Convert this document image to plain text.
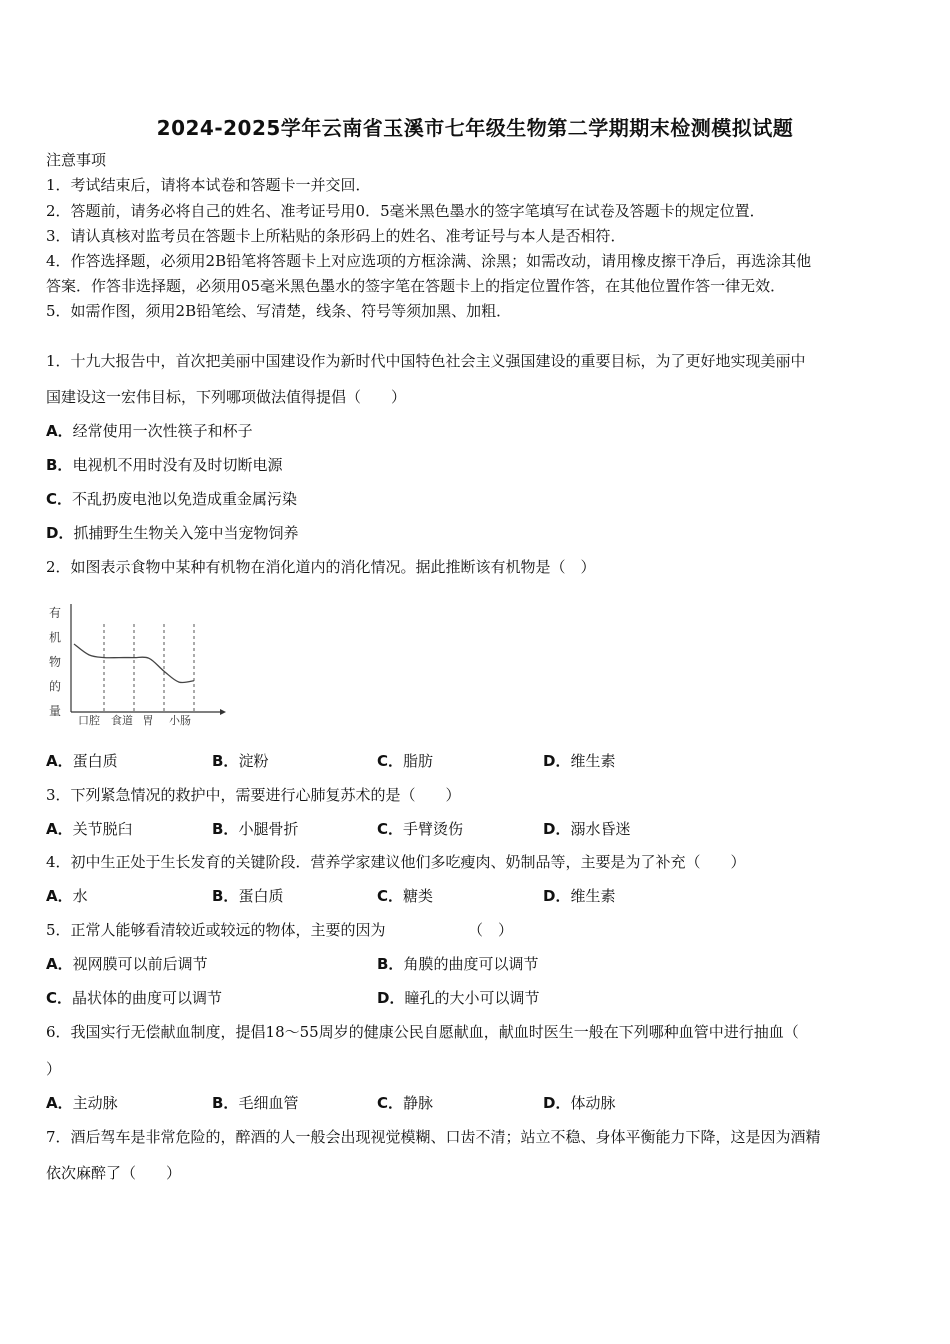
2024-2025学年云南省玉溪市七年级生物第二学期期末检测模拟试题
注意事项
1．考试结束后，请将本试卷和答题卡一并交回．
2．答题前，请务必将自己的姓名、准考证号用0．5毫米黑色墨水的签字笔填写在试卷及答题卡的规定位置．
3．请认真核对监考员在答题卡上所粘贴的条形码上的姓名、准考证号与本人是否相符．
4．作答选择题，必须用2B铅笔将答题卡上对应选项的方框涂满、涂黑；如需改动，请用橡皮擦干净后，再选涂其他
答案．作答非选择题，必须用05毫米黑色墨水的签字笔在答题卡上的指定位置作答，在其他位置作答一律无效．
5．如需作图，须用2B铅笔绘、写清楚，线条、符号等须加黑、加粗．
1．十九大报告中，首次把美丽中国建设作为新时代中国特色社会主义强国建设的重要目标，为了更好地实现美丽中
国建设这一宏伟目标，下列哪项做法值得提倡（　　）
A．经常使用一次性筷子和杯子
B．电视机不用时没有及时切断电源
C．不乱扔废电池以免造成重金属污染
D．抓捕野生生物关入笼中当宠物饲养
2．如图表示食物中某种有机物在消化道内的消化情况。据此推断该有机物是（　）
有
机
物
的
量
口腔 食道 胃 小肠
A．蛋白质	B．淀粉	C．脂肪	D．维生素
3．下列紧急情况的救护中，需要进行心肺复苏术的是（　　）
A．关节脱臼	B．小腿骨折	C．手臂烫伤	D．溺水昏迷
4．初中生正处于生长发育的关键阶段．营养学家建议他们多吃瘦肉、奶制品等，主要是为了补充（　　）
A．水	B．蛋白质	C．糖类	D．维生素
5．正常人能够看清较近或较远的物体，主要的因为　　　　　　（　）
A．视网膜可以前后调节	B．角膜的曲度可以调节
C．晶状体的曲度可以调节	D．瞳孔的大小可以调节
6．我国实行无偿献血制度，提倡18～55周岁的健康公民自愿献血，献血时医生一般在下列哪种血管中进行抽血（
）
A．主动脉	B．毛细血管	C．静脉	D．体动脉
7．酒后驾车是非常危险的，醉酒的人一般会出现视觉模糊、口齿不清；站立不稳、身体平衡能力下降，这是因为酒精
依次麻醉了（　　）
